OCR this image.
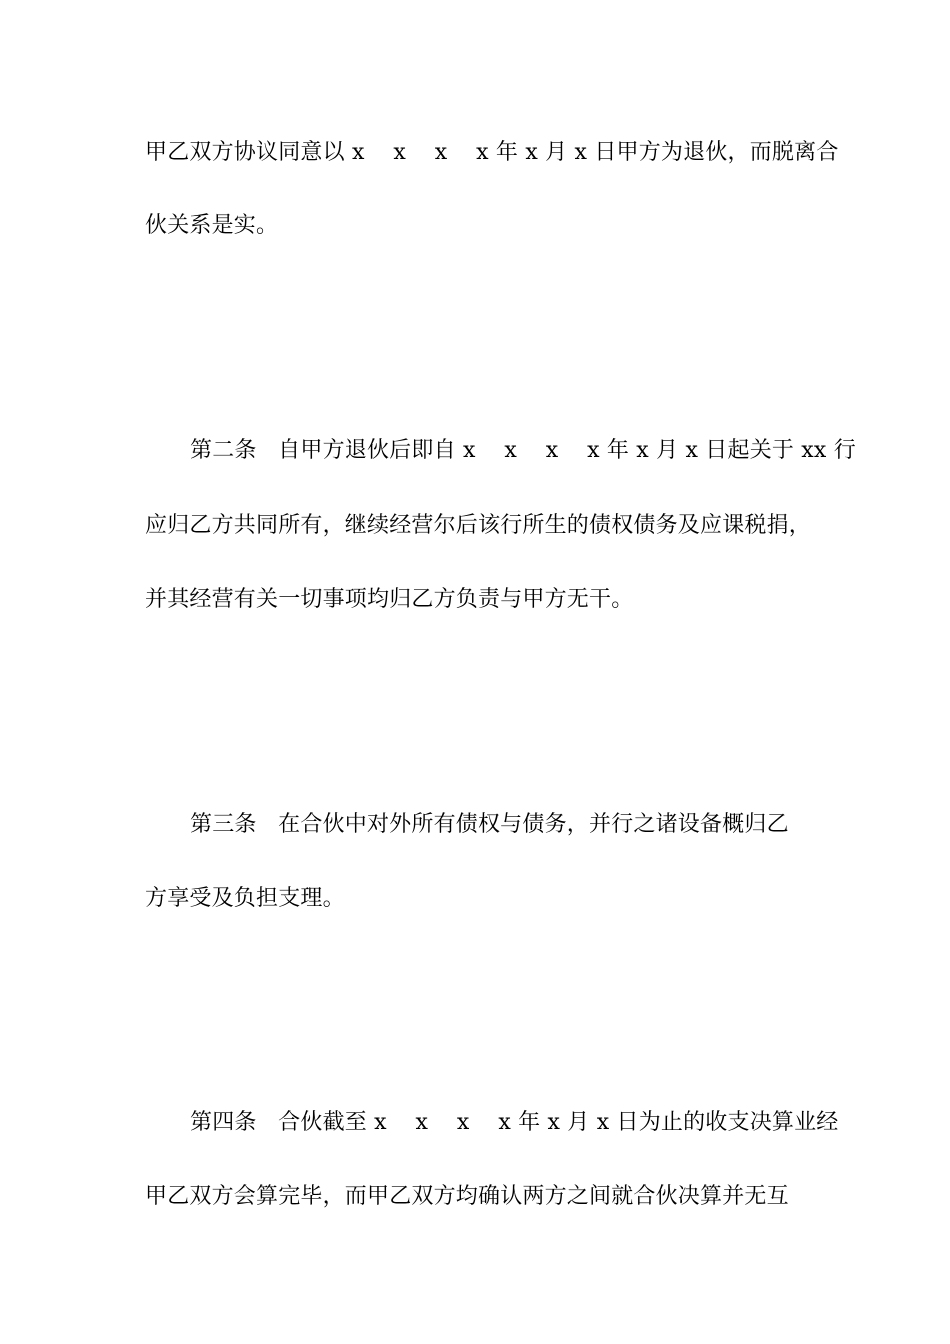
甲乙双方协议同意以 x    x    x    x 年 x 月 x 日甲方为退伙，而脱离合
伙关系是实。
第二条   自甲方退伙后即自 x    x    x    x 年 x 月 x 日起关于 xx 行
应归乙方共同所有，继续经营尔后该行所生的债权债务及应课税捐，
并其经营有关一切事项均归乙方负责与甲方无干。
第三条   在合伙中对外所有债权与债务，并行之诸设备概归乙
方享受及负担支理。
第四条   合伙截至 x    x    x    x 年 x 月 x 日为止的收支决算业经
甲乙双方会算完毕，而甲乙双方均确认两方之间就合伙决算并无互
